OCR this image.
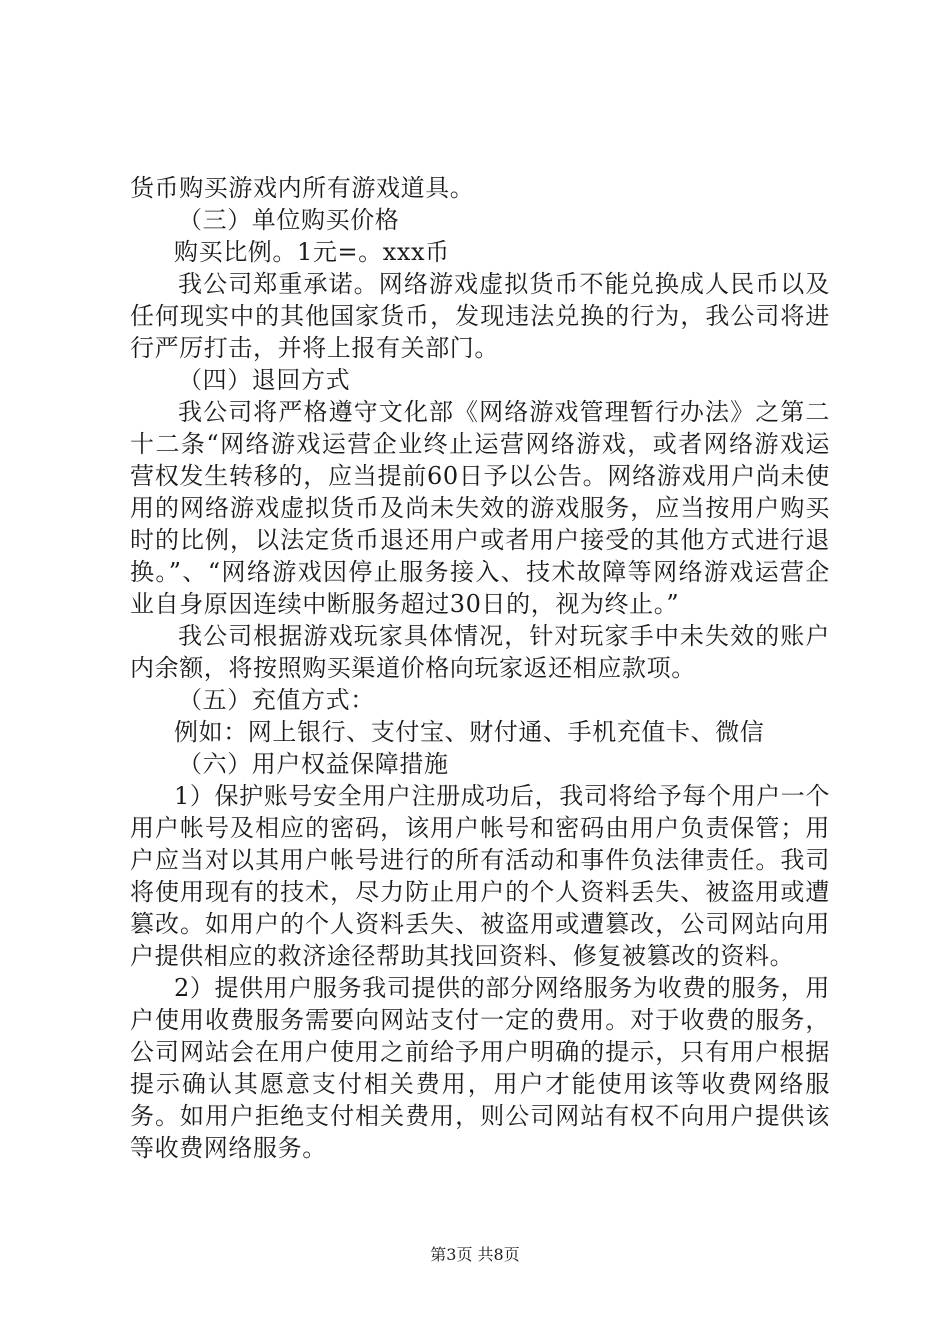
货币购买游戏内所有游戏道具。

（三）单位购买价格

购买比例。1元=。xxx币

我公司郑重承诺。网络游戏虚拟货币不能兑换成人民币以及任何现实中的其他国家货币，发现违法兑换的行为，我公司将进行严厉打击，并将上报有关部门。

（四）退回方式

我公司将严格遵守文化部《网络游戏管理暂行办法》之第二十二条“网络游戏运营企业终止运营网络游戏，或者网络游戏运营权发生转移的，应当提前60日予以公告。网络游戏用户尚未使用的网络游戏虚拟货币及尚未失效的游戏服务，应当按用户购买时的比例，以法定货币退还用户或者用户接受的其他方式进行退换。”、“网络游戏因停止服务接入、技术故障等网络游戏运营企业自身原因连续中断服务超过30日的，视为终止。”

我公司根据游戏玩家具体情况，针对玩家手中未失效的账户内余额，将按照购买渠道价格向玩家返还相应款项。

（五）充值方式：

例如：网上银行、支付宝、财付通、手机充值卡、微信

（六）用户权益保障措施

1）保护账号安全用户注册成功后，我司将给予每个用户一个用户帐号及相应的密码，该用户帐号和密码由用户负责保管；用户应当对以其用户帐号进行的所有活动和事件负法律责任。我司将使用现有的技术，尽力防止用户的个人资料丢失、被盗用或遭篡改。如用户的个人资料丢失、被盗用或遭篡改，公司网站向用户提供相应的救济途径帮助其找回资料、修复被篡改的资料。

2）提供用户服务我司提供的部分网络服务为收费的服务，用户使用收费服务需要向网站支付一定的费用。对于收费的服务，公司网站会在用户使用之前给予用户明确的提示，只有用户根据提示确认其愿意支付相关费用，用户才能使用该等收费网络服务。如用户拒绝支付相关费用，则公司网站有权不向用户提供该等收费网络服务。

第3页 共8页
